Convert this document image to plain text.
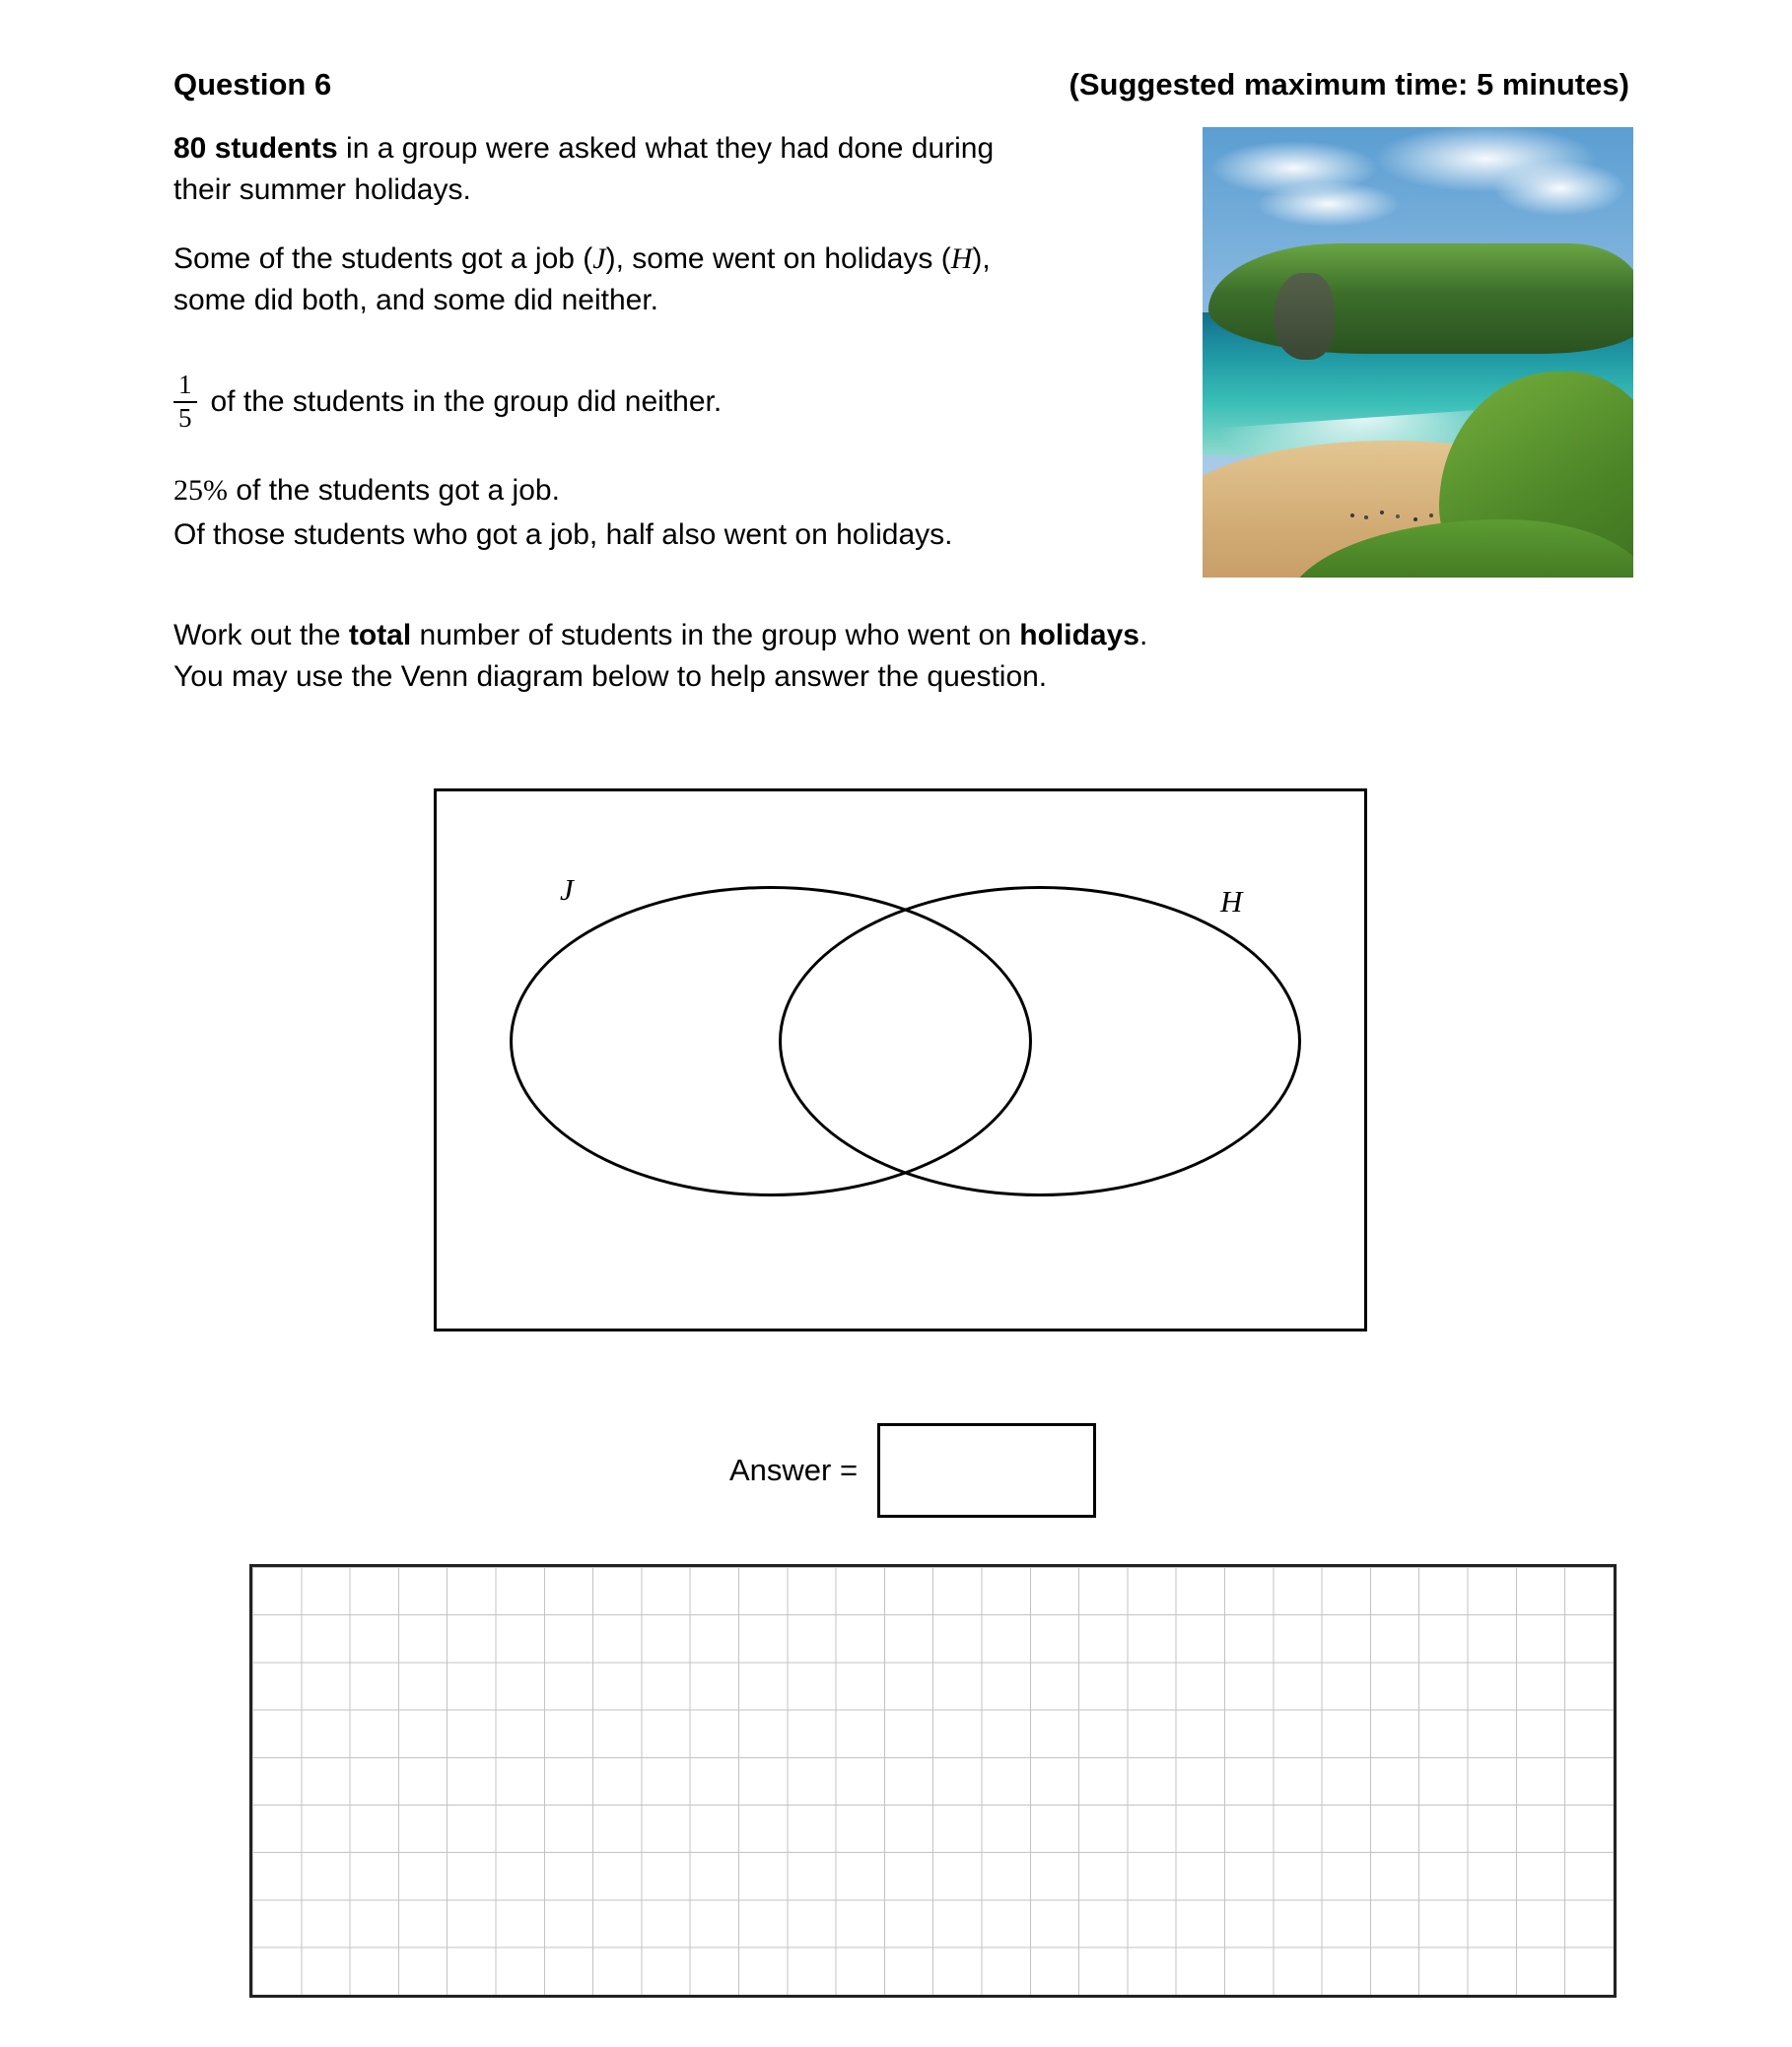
Question 6	(Suggested maximum time: 5 minutes)
80 students in a group were asked what they had done during
their summer holidays.
Some of the students got a job (J), some went on holidays (H),
some did both, and some did neither.
$\frac{1}{5}$ of the students in the group did neither.
25% of the students got a job.
Of those students who got a job, half also went on holidays.
Work out the total number of students in the group who went on holidays.
You may use the Venn diagram below to help answer the question.
J	H
Answer =
